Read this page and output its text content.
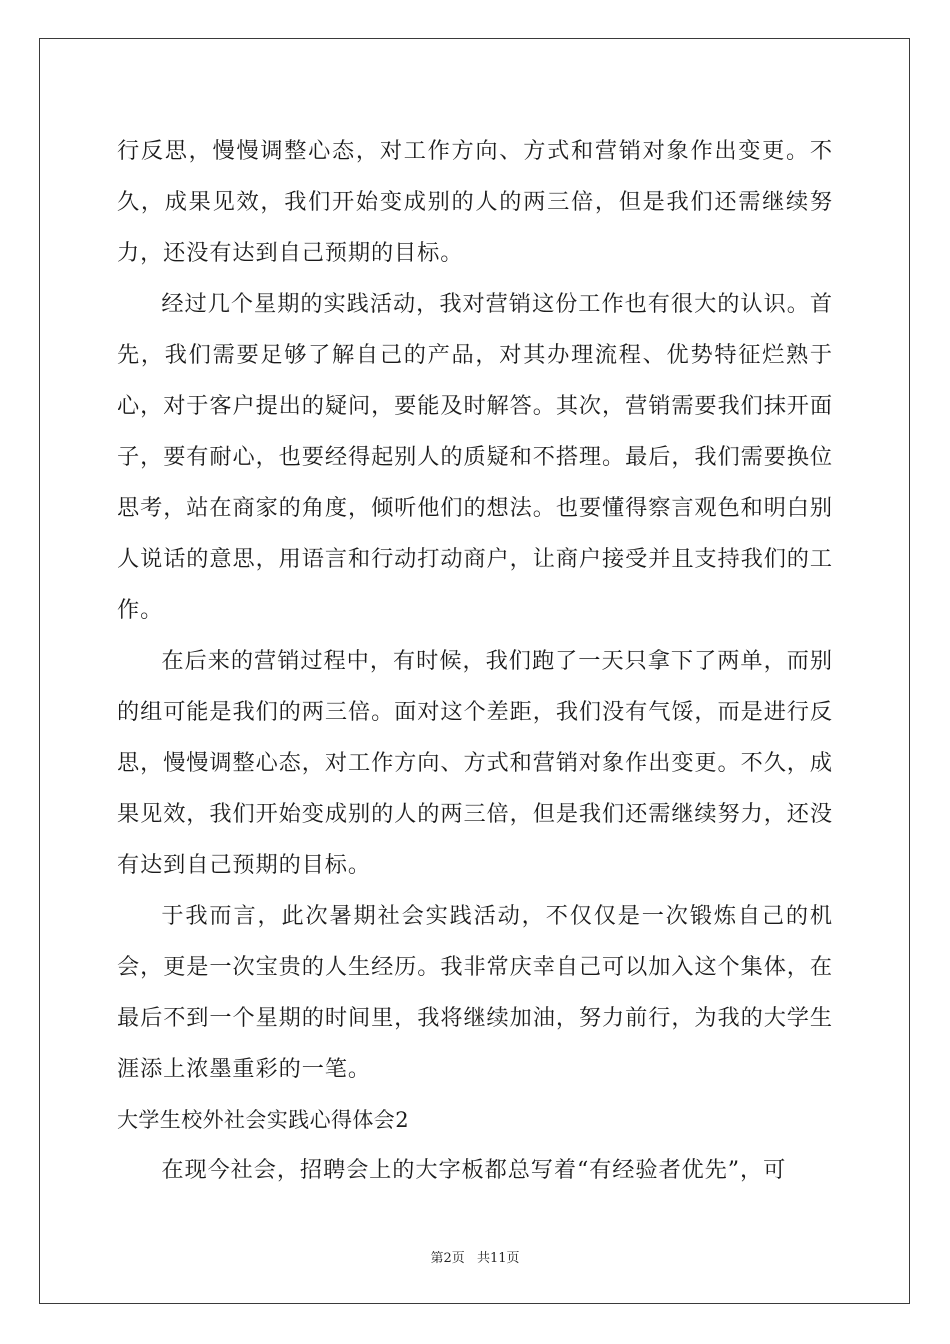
行反思，慢慢调整心态，对工作方向、方式和营销对象作出变更。不久，成果见效，我们开始变成别的人的两三倍，但是我们还需继续努力，还没有达到自己预期的目标。

经过几个星期的实践活动，我对营销这份工作也有很大的认识。首先，我们需要足够了解自己的产品，对其办理流程、优势特征烂熟于心，对于客户提出的疑问，要能及时解答。其次，营销需要我们抹开面子，要有耐心，也要经得起别人的质疑和不搭理。最后，我们需要换位思考，站在商家的角度，倾听他们的想法。也要懂得察言观色和明白别人说话的意思，用语言和行动打动商户，让商户接受并且支持我们的工作。

在后来的营销过程中，有时候，我们跑了一天只拿下了两单，而别的组可能是我们的两三倍。面对这个差距，我们没有气馁，而是进行反思，慢慢调整心态，对工作方向、方式和营销对象作出变更。不久，成果见效，我们开始变成别的人的两三倍，但是我们还需继续努力，还没有达到自己预期的目标。

于我而言，此次暑期社会实践活动，不仅仅是一次锻炼自己的机会，更是一次宝贵的人生经历。我非常庆幸自己可以加入这个集体，在最后不到一个星期的时间里，我将继续加油，努力前行，为我的大学生涯添上浓墨重彩的一笔。

大学生校外社会实践心得体会2

在现今社会，招聘会上的大字板都总写着“有经验者优先”，可

第2页 共11页
